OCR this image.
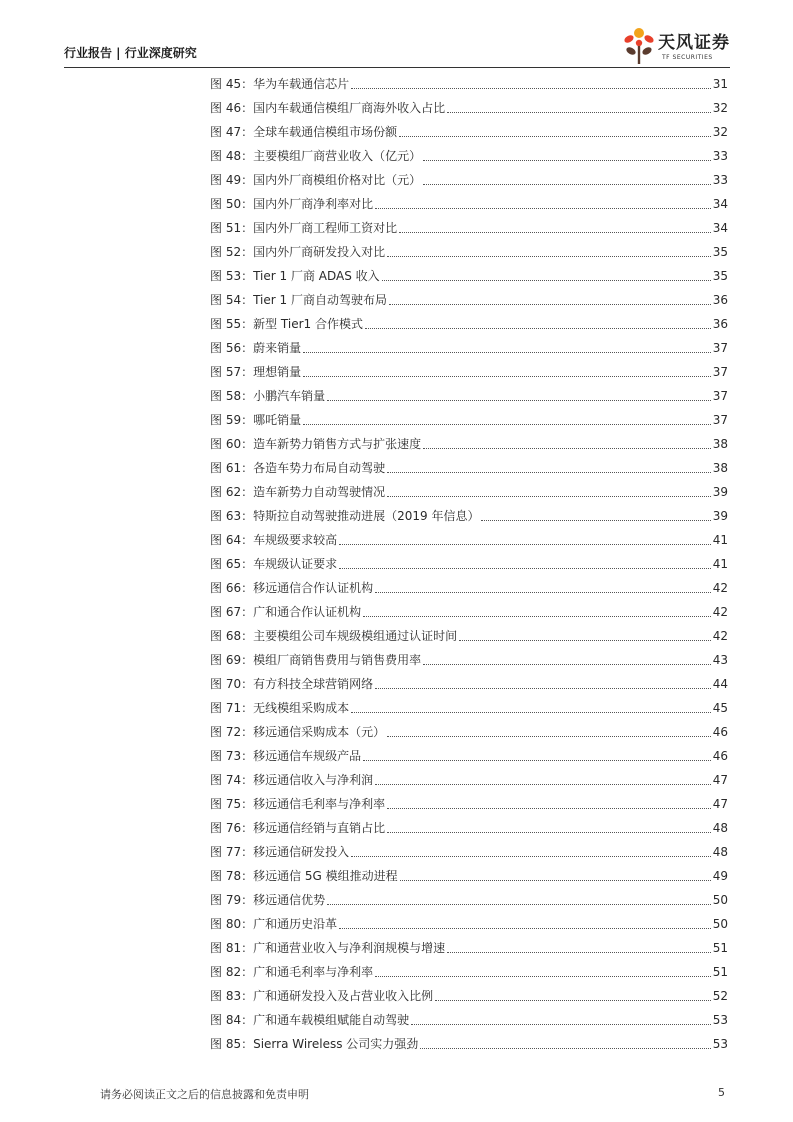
行业报告 | 行业深度研究	天风证券
TF SECURITIES
图 45：华为车载通信芯片	31
图 46：国内车载通信模组厂商海外收入占比	32
图 47：全球车载通信模组市场份额	32
图 48：主要模组厂商营业收入（亿元）	33
图 49：国内外厂商模组价格对比（元）	33
图 50：国内外厂商净利率对比	34
图 51：国内外厂商工程师工资对比	34
图 52：国内外厂商研发投入对比	35
图 53：Tier 1 厂商 ADAS 收入	35
图 54：Tier 1 厂商自动驾驶布局	36
图 55：新型 Tier1 合作模式	36
图 56：蔚来销量	37
图 57：理想销量	37
图 58：小鹏汽车销量	37
图 59：哪吒销量	37
图 60：造车新势力销售方式与扩张速度	38
图 61：各造车势力布局自动驾驶	38
图 62：造车新势力自动驾驶情况	39
图 63：特斯拉自动驾驶推动进展（2019 年信息）	39
图 64：车规级要求较高	41
图 65：车规级认证要求	41
图 66：移远通信合作认证机构	42
图 67：广和通合作认证机构	42
图 68：主要模组公司车规级模组通过认证时间	42
图 69：模组厂商销售费用与销售费用率	43
图 70：有方科技全球营销网络	44
图 71：无线模组采购成本	45
图 72：移远通信采购成本（元）	46
图 73：移远通信车规级产品	46
图 74：移远通信收入与净利润	47
图 75：移远通信毛利率与净利率	47
图 76：移远通信经销与直销占比	48
图 77：移远通信研发投入	48
图 78：移远通信 5G 模组推动进程	49
图 79：移远通信优势	50
图 80：广和通历史沿革	50
图 81：广和通营业收入与净利润规模与增速	51
图 82：广和通毛利率与净利率	51
图 83：广和通研发投入及占营业收入比例	52
图 84：广和通车载模组赋能自动驾驶	53
图 85：Sierra Wireless 公司实力强劲	53
请务必阅读正文之后的信息披露和免责申明	5
